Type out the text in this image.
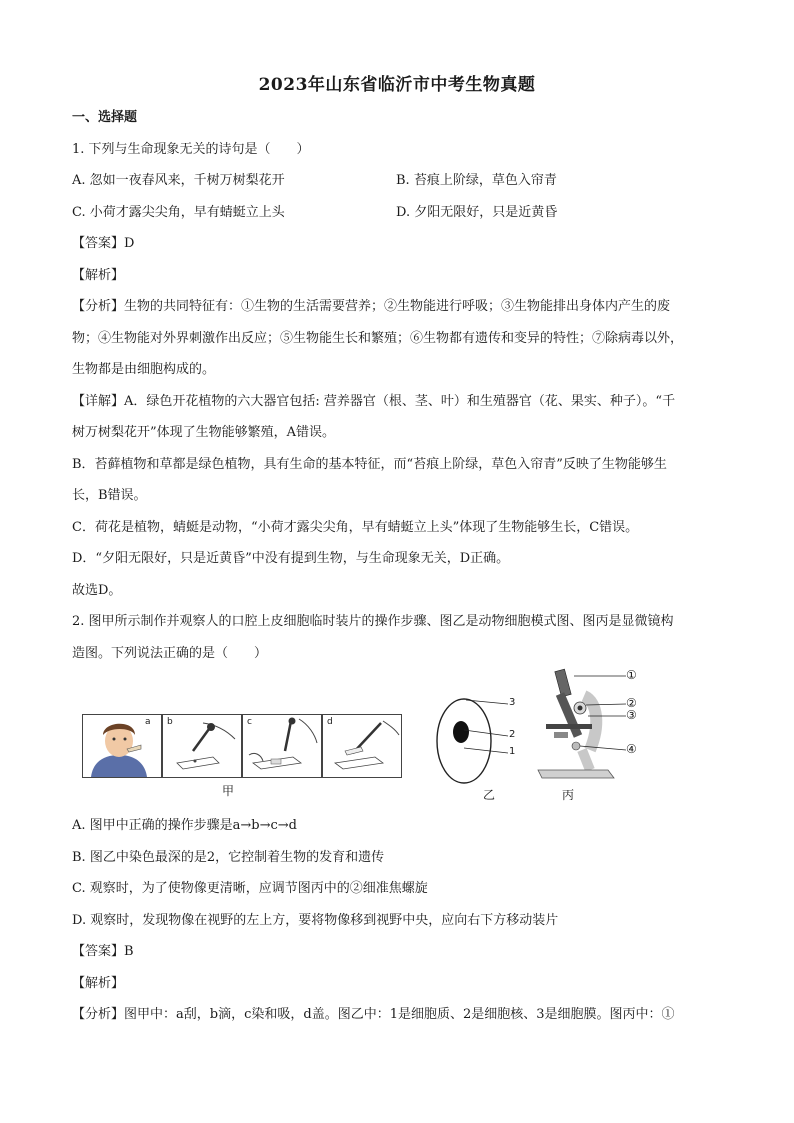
2023年山东省临沂市中考生物真题
一、选择题
1. 下列与生命现象无关的诗句是（　　）
A. 忽如一夜春风来，千树万树梨花开	B. 苔痕上阶绿，草色入帘青
C. 小荷才露尖尖角，早有蜻蜓立上头	D. 夕阳无限好，只是近黄昏
【答案】D
【解析】
【分析】生物的共同特征有：①生物的生活需要营养；②生物能进行呼吸；③生物能排出身体内产生的废
物；④生物能对外界刺激作出反应；⑤生物能生长和繁殖；⑥生物都有遗传和变异的特性；⑦除病毒以外，
生物都是由细胞构成的。
【详解】A．绿色开花植物的六大器官包括: 营养器官（根、茎、叶）和生殖器官（花、果实、种子）。“千
树万树梨花开”体现了生物能够繁殖，A错误。
B．苔藓植物和草都是绿色植物，具有生命的基本特征，而“苔痕上阶绿，草色入帘青”反映了生物能够生
长，B错误。
C．荷花是植物，蜻蜓是动物，“小荷才露尖尖角，早有蜻蜓立上头”体现了生物能够生长，C错误。
D．“夕阳无限好，只是近黄昏”中没有提到生物，与生命现象无关，D正确。
故选D。
2. 图甲所示制作并观察人的口腔上皮细胞临时装片的操作步骤、图乙是动物细胞模式图、图丙是显微镜构
造图。下列说法正确的是（　　）
a b	c	d
甲
3
2
1
乙
①
②
③
④
丙
A. 图甲中正确的操作步骤是a→b→c→d
B. 图乙中染色最深的是2，它控制着生物的发育和遗传
C. 观察时，为了使物像更清晰，应调节图丙中的②细准焦螺旋
D. 观察时，发现物像在视野的左上方，要将物像移到视野中央，应向右下方移动装片
【答案】B
【解析】
【分析】图甲中：a刮，b滴，c染和吸，d盖。图乙中：1是细胞质、2是细胞核、3是细胞膜。图丙中：①
